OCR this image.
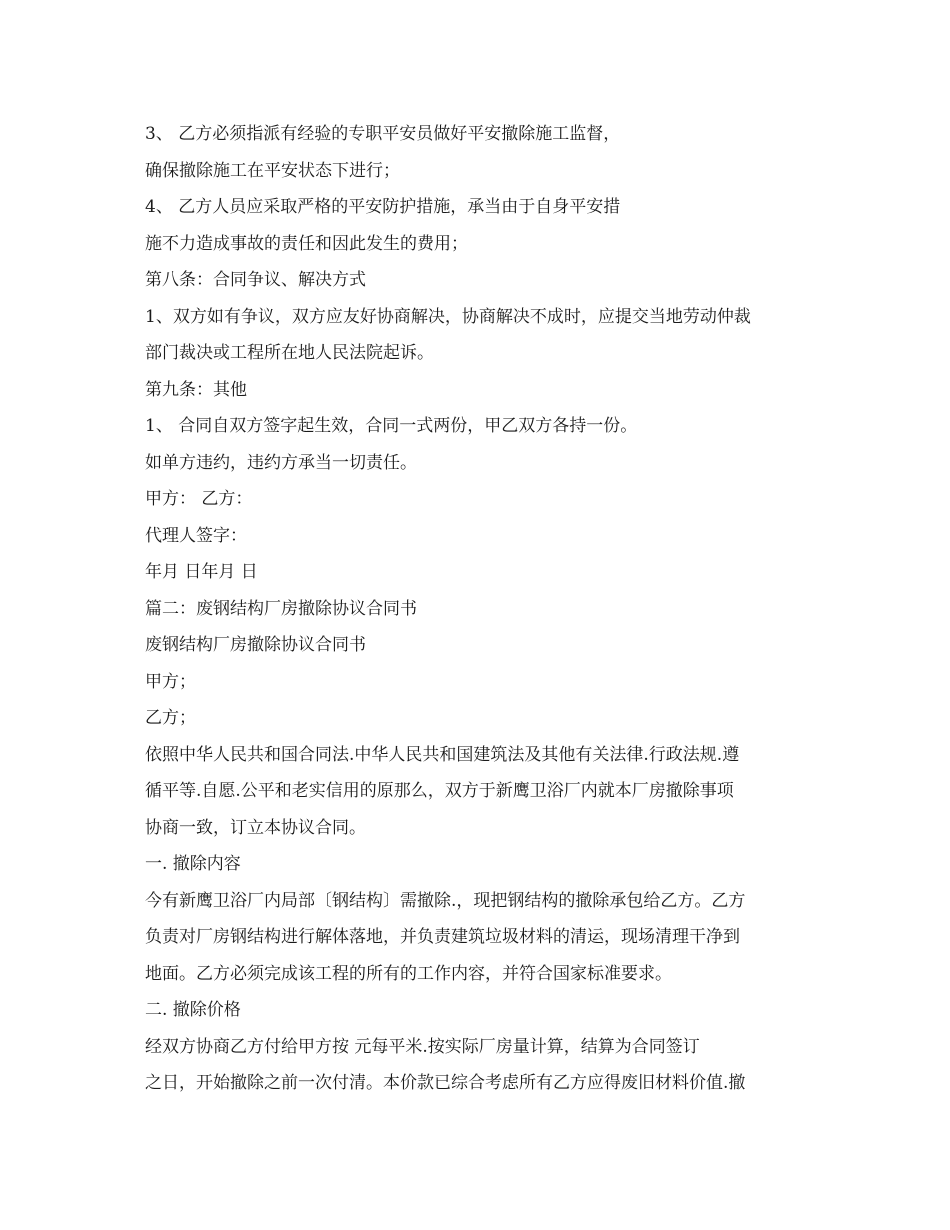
3、 乙方必须指派有经验的专职平安员做好平安撤除施工监督，
确保撤除施工在平安状态下进行；
4、 乙方人员应采取严格的平安防护措施，承当由于自身平安措
施不力造成事故的责任和因此发生的费用；
第八条：合同争议、解决方式
1、双方如有争议，双方应友好协商解决，协商解决不成时，应提交当地劳动仲裁
部门裁决或工程所在地人民法院起诉。
第九条：其他
1、 合同自双方签字起生效，合同一式两份，甲乙双方各持一份。
如单方违约，违约方承当一切责任。
甲方： 乙方：
代理人签字：
年月 日年月 日
篇二：废钢结构厂房撤除协议合同书
废钢结构厂房撤除协议合同书
甲方；
乙方；
依照中华人民共和国合同法.中华人民共和国建筑法及其他有关法律.行政法规.遵
循平等.自愿.公平和老实信用的原那么，双方于新鹰卫浴厂内就本厂房撤除事项
协商一致，订立本协议合同。
一. 撤除内容
今有新鹰卫浴厂内局部〔钢结构〕需撤除.，现把钢结构的撤除承包给乙方。乙方
负责对厂房钢结构进行解体落地，并负责建筑垃圾材料的清运，现场清理干净到
地面。乙方必须完成该工程的所有的工作内容，并符合国家标准要求。
二. 撤除价格
经双方协商乙方付给甲方按 元每平米.按实际厂房量计算，结算为合同签订
之日，开始撤除之前一次付清。本价款已综合考虑所有乙方应得废旧材料价值.撤
